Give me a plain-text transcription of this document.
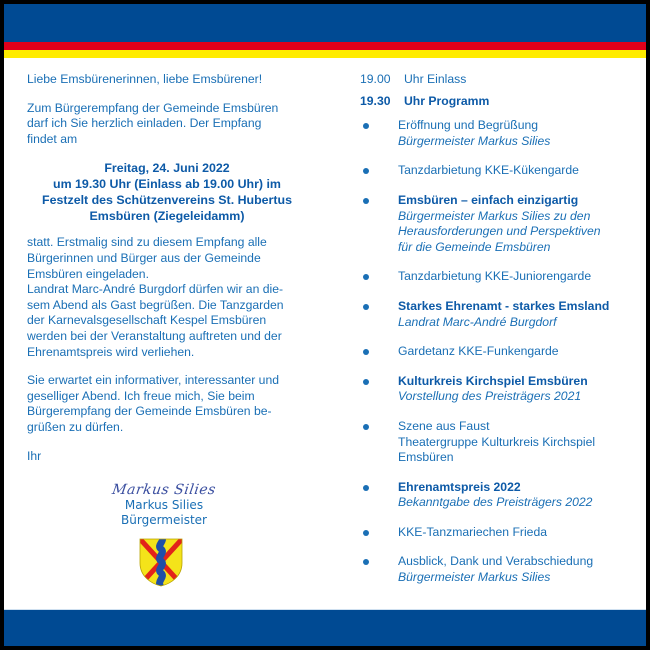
Liebe Emsbürenerinnen, liebe Emsbürener!

Zum Bürgerempfang der Gemeinde Emsbüren
darf ich Sie herzlich einladen. Der Empfang
findet am

Freitag, 24. Juni 2022
um 19.30 Uhr (Einlass ab 19.00 Uhr) im
Festzelt des Schützenvereins St. Hubertus
Emsbüren (Ziegeleidamm)

statt. Erstmalig sind zu diesem Empfang alle
Bürgerinnen und Bürger aus der Gemeinde
Emsbüren eingeladen.
Landrat Marc-André Burgdorf dürfen wir an die-
sem Abend als Gast begrüßen. Die Tanzgarden
der Karnevalsgesellschaft Kespel Emsbüren
werden bei der Veranstaltung auftreten und der
Ehrenamtspreis wird verliehen.

Sie erwartet ein informativer, interessanter und
geselliger Abend. Ich freue mich, Sie beim
Bürgerempfang der Gemeinde Emsbüren be-
grüßen zu dürfen.

Ihr

Markus Silies
Markus Silies
Bürgermeister
19.00 Uhr Einlass
19.30 Uhr Programm
Eröffnung und Begrüßung
Bürgermeister Markus Silies
Tanzdarbietung KKE-Kükengarde
Emsbüren – einfach einzigartig
Bürgermeister Markus Silies zu den
Herausforderungen und Perspektiven
für die Gemeinde Emsbüren
Tanzdarbietung KKE-Juniorengarde
Starkes Ehrenamt - starkes Emsland
Landrat Marc-André Burgdorf
Gardetanz KKE-Funkengarde
Kulturkreis Kirchspiel Emsbüren
Vorstellung des Preisträgers 2021
Szene aus Faust
Theatergruppe Kulturkreis Kirchspiel
Emsbüren
Ehrenamtspreis 2022
Bekanntgabe des Preisträgers 2022
KKE-Tanzmariechen Frieda
Ausblick, Dank und Verabschiedung
Bürgermeister Markus Silies
